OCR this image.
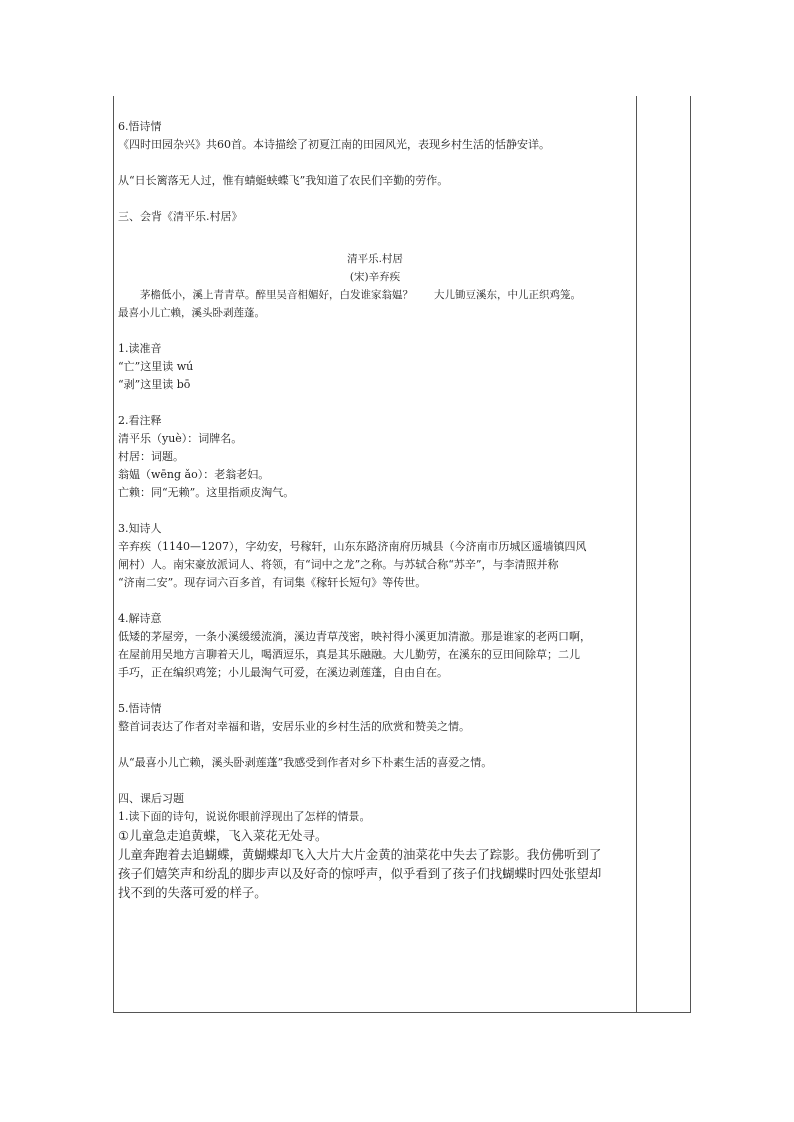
6.悟诗情
《四时田园杂兴》共60首。本诗描绘了初夏江南的田园风光，表现乡村生活的恬静安详。
从“日长篱落无人过，惟有蜻蜓蛱蝶飞”我知道了农民们辛勤的劳作。
三、会背《清平乐.村居》
清平乐.村居
(宋)辛弃疾
茅檐低小，溪上青青草。醉里吴音相媚好，白发谁家翁媪？　　大儿锄豆溪东，中儿正织鸡笼。
最喜小儿亡赖，溪头卧剥莲蓬。
1.读准音
“亡”这里读 wú
“剥”这里读 bō
2.看注释
清平乐（yuè）：词牌名。
村居：词题。
翁媪（wēng ǎo）：老翁老妇。
亡赖：同“无赖”。这里指顽皮淘气。
3.知诗人
辛弃疾（1140—1207），字幼安，号稼轩，山东东路济南府历城县（今济南市历城区遥墙镇四风
闸村）人。南宋豪放派词人、将领，有“词中之龙”之称。与苏轼合称“苏辛”，与李清照并称
“济南二安”。现存词六百多首，有词集《稼轩长短句》等传世。
4.解诗意
低矮的茅屋旁，一条小溪缓缓流淌，溪边青草茂密，映衬得小溪更加清澈。那是谁家的老两口啊，
在屋前用吴地方言聊着天儿，喝酒逗乐，真是其乐融融。大儿勤劳，在溪东的豆田间除草；二儿
手巧，正在编织鸡笼；小儿最淘气可爱，在溪边剥莲蓬，自由自在。
5.悟诗情
整首词表达了作者对幸福和谐，安居乐业的乡村生活的欣赏和赞美之情。
从“最喜小儿亡赖，溪头卧剥莲蓬”我感受到作者对乡下朴素生活的喜爱之情。
四、课后习题
1.读下面的诗句，说说你眼前浮现出了怎样的情景。
①儿童急走追黄蝶，飞入菜花无处寻。
儿童奔跑着去追蝴蝶，黄蝴蝶却飞入大片大片金黄的油菜花中失去了踪影。我仿佛听到了
孩子们嬉笑声和纷乱的脚步声以及好奇的惊呼声，似乎看到了孩子们找蝴蝶时四处张望却
找不到的失落可爱的样子。
